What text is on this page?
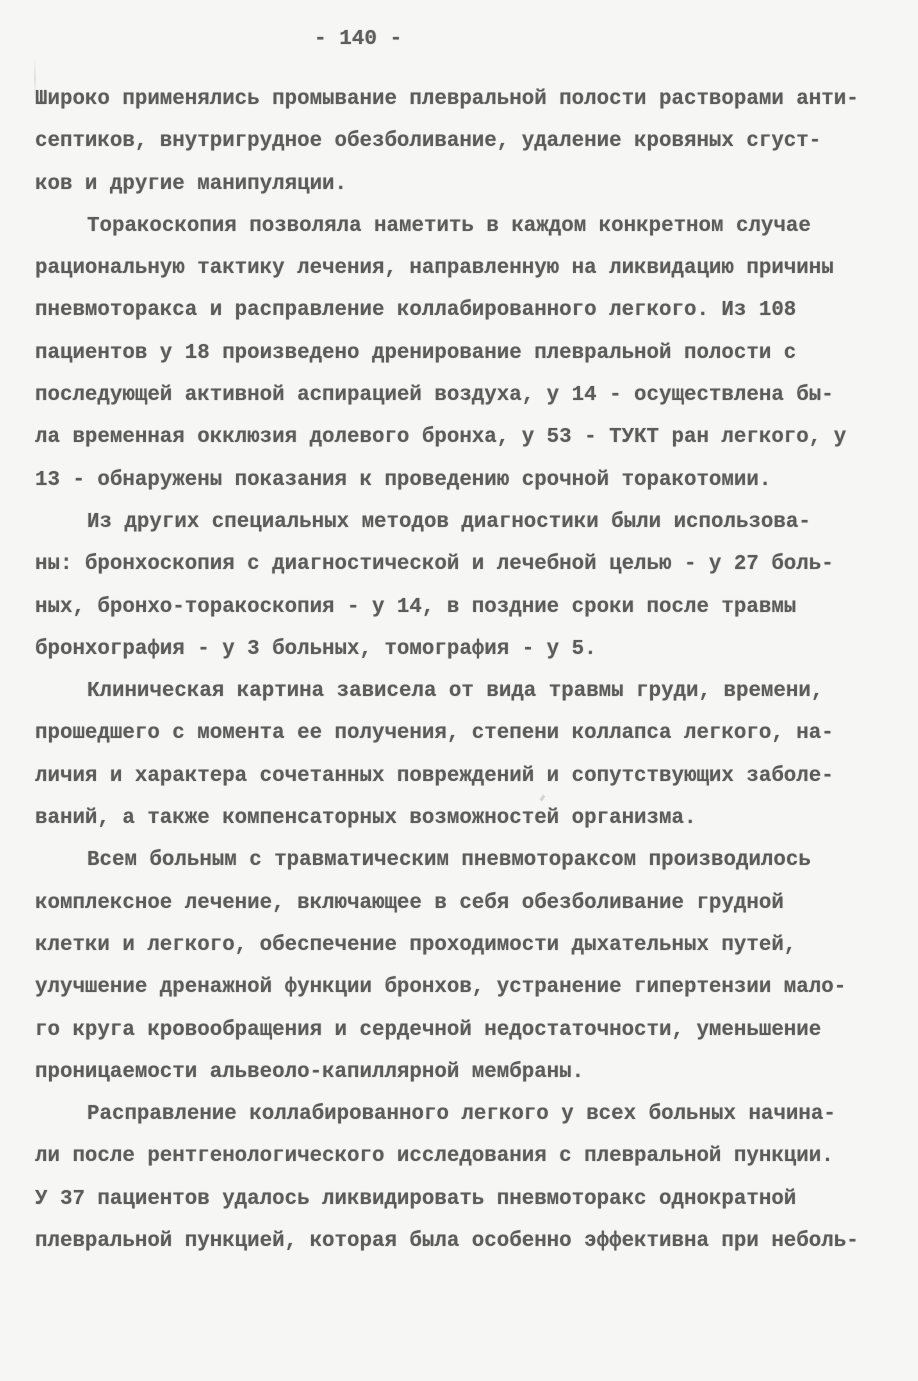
- 140 -
Широко применялись промывание плевральной полости растворами анти-
септиков, внутригрудное обезболивание, удаление кровяных сгуст-
ков и другие манипуляции.
Торакоскопия позволяла наметить в каждом конкретном случае
рациональную тактику лечения, направленную на ликвидацию причины
пневмоторакса и расправление коллабированного легкого. Из 108
пациентов у 18 произведено дренирование плевральной полости с
последующей активной аспирацией воздуха, у 14 - осуществлена бы-
ла временная окклюзия долевого бронха, у 53 - ТУКТ ран легкого, у
13 - обнаружены показания к проведению срочной торакотомии.
Из других специальных методов диагностики были использова-
ны: бронхоскопия с диагностической и лечебной целью - у 27 боль-
ных, бронхо-торакоскопия - у 14, в поздние сроки после травмы
бронхография - у 3 больных, томография - у 5.
Клиническая картина зависела от вида травмы груди, времени,
прошедшего с момента ее получения, степени коллапса легкого, на-
личия и характера сочетанных повреждений и сопутствующих заболе-
ваний, а также компенсаторных возможностей организма.
Всем больным с травматическим пневмотораксом производилось
комплексное лечение, включающее в себя обезболивание грудной
клетки и легкого, обеспечение проходимости дыхательных путей,
улучшение дренажной функции бронхов, устранение гипертензии мало-
го круга кровообращения и сердечной недостаточности, уменьшение
проницаемости альвеоло-капиллярной мембраны.
Расправление коллабированного легкого у всех больных начина-
ли после рентгенологического исследования с плевральной пункции.
У 37 пациентов удалось ликвидировать пневмоторакс однократной
плевральной пункцией, которая была особенно эффективна при неболь-
